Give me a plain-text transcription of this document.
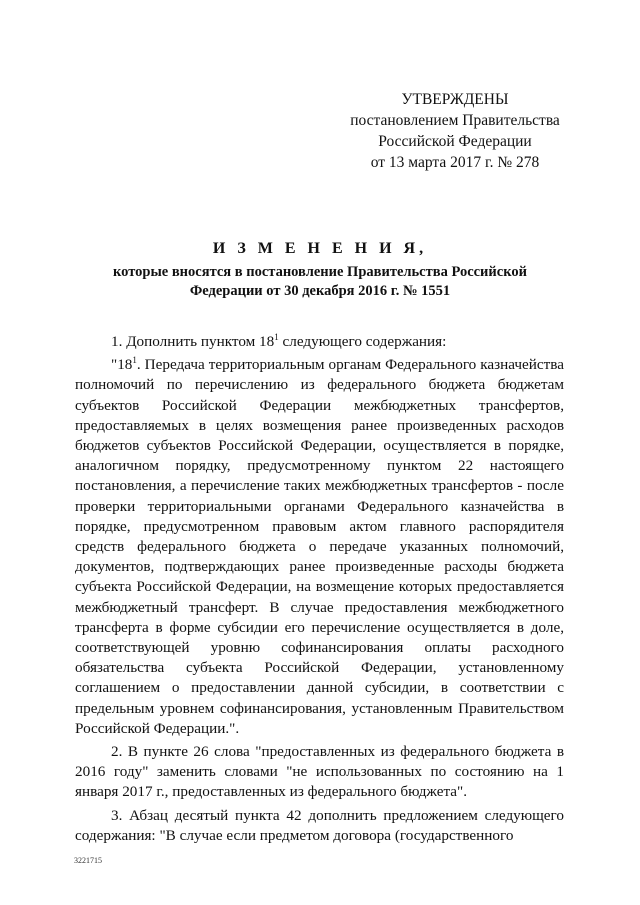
УТВЕРЖДЕНЫ
постановлением Правительства
Российской Федерации
от 13 марта 2017 г. № 278
И З М Е Н Е Н И Я,
которые вносятся в постановление Правительства Российской
Федерации от 30 декабря 2016 г. № 1551

1. Дополнить пунктом $18^1$ следующего содержания:

"$18^1$. Передача территориальным органам Федерального казначейства полномочий по перечислению из федерального бюджета бюджетам субъектов Российской Федерации межбюджетных трансфертов, предоставляемых в целях возмещения ранее произведенных расходов бюджетов субъектов Российской Федерации, осуществляется в порядке, аналогичном порядку, предусмотренному пунктом 22 настоящего постановления, а перечисление таких межбюджетных трансфертов - после проверки территориальными органами Федерального казначейства в порядке, предусмотренном правовым актом главного распорядителя средств федерального бюджета о передаче указанных полномочий, документов, подтверждающих ранее произведенные расходы бюджета субъекта Российской Федерации, на возмещение которых предоставляется межбюджетный трансферт. В случае предоставления межбюджетного трансферта в форме субсидии его перечисление осуществляется в доле, соответствующей уровню софинансирования оплаты расходного обязательства субъекта Российской Федерации, установленному соглашением о предоставлении данной субсидии, в соответствии с предельным уровнем софинансирования, установленным Правительством Российской Федерации.".

2. В пункте 26 слова "предоставленных из федерального бюджета в 2016 году" заменить словами "не использованных по состоянию на 1 января 2017 г., предоставленных из федерального бюджета".

3. Абзац десятый пункта 42 дополнить предложением следующего содержания: "В случае если предметом договора (государственного

3221715
